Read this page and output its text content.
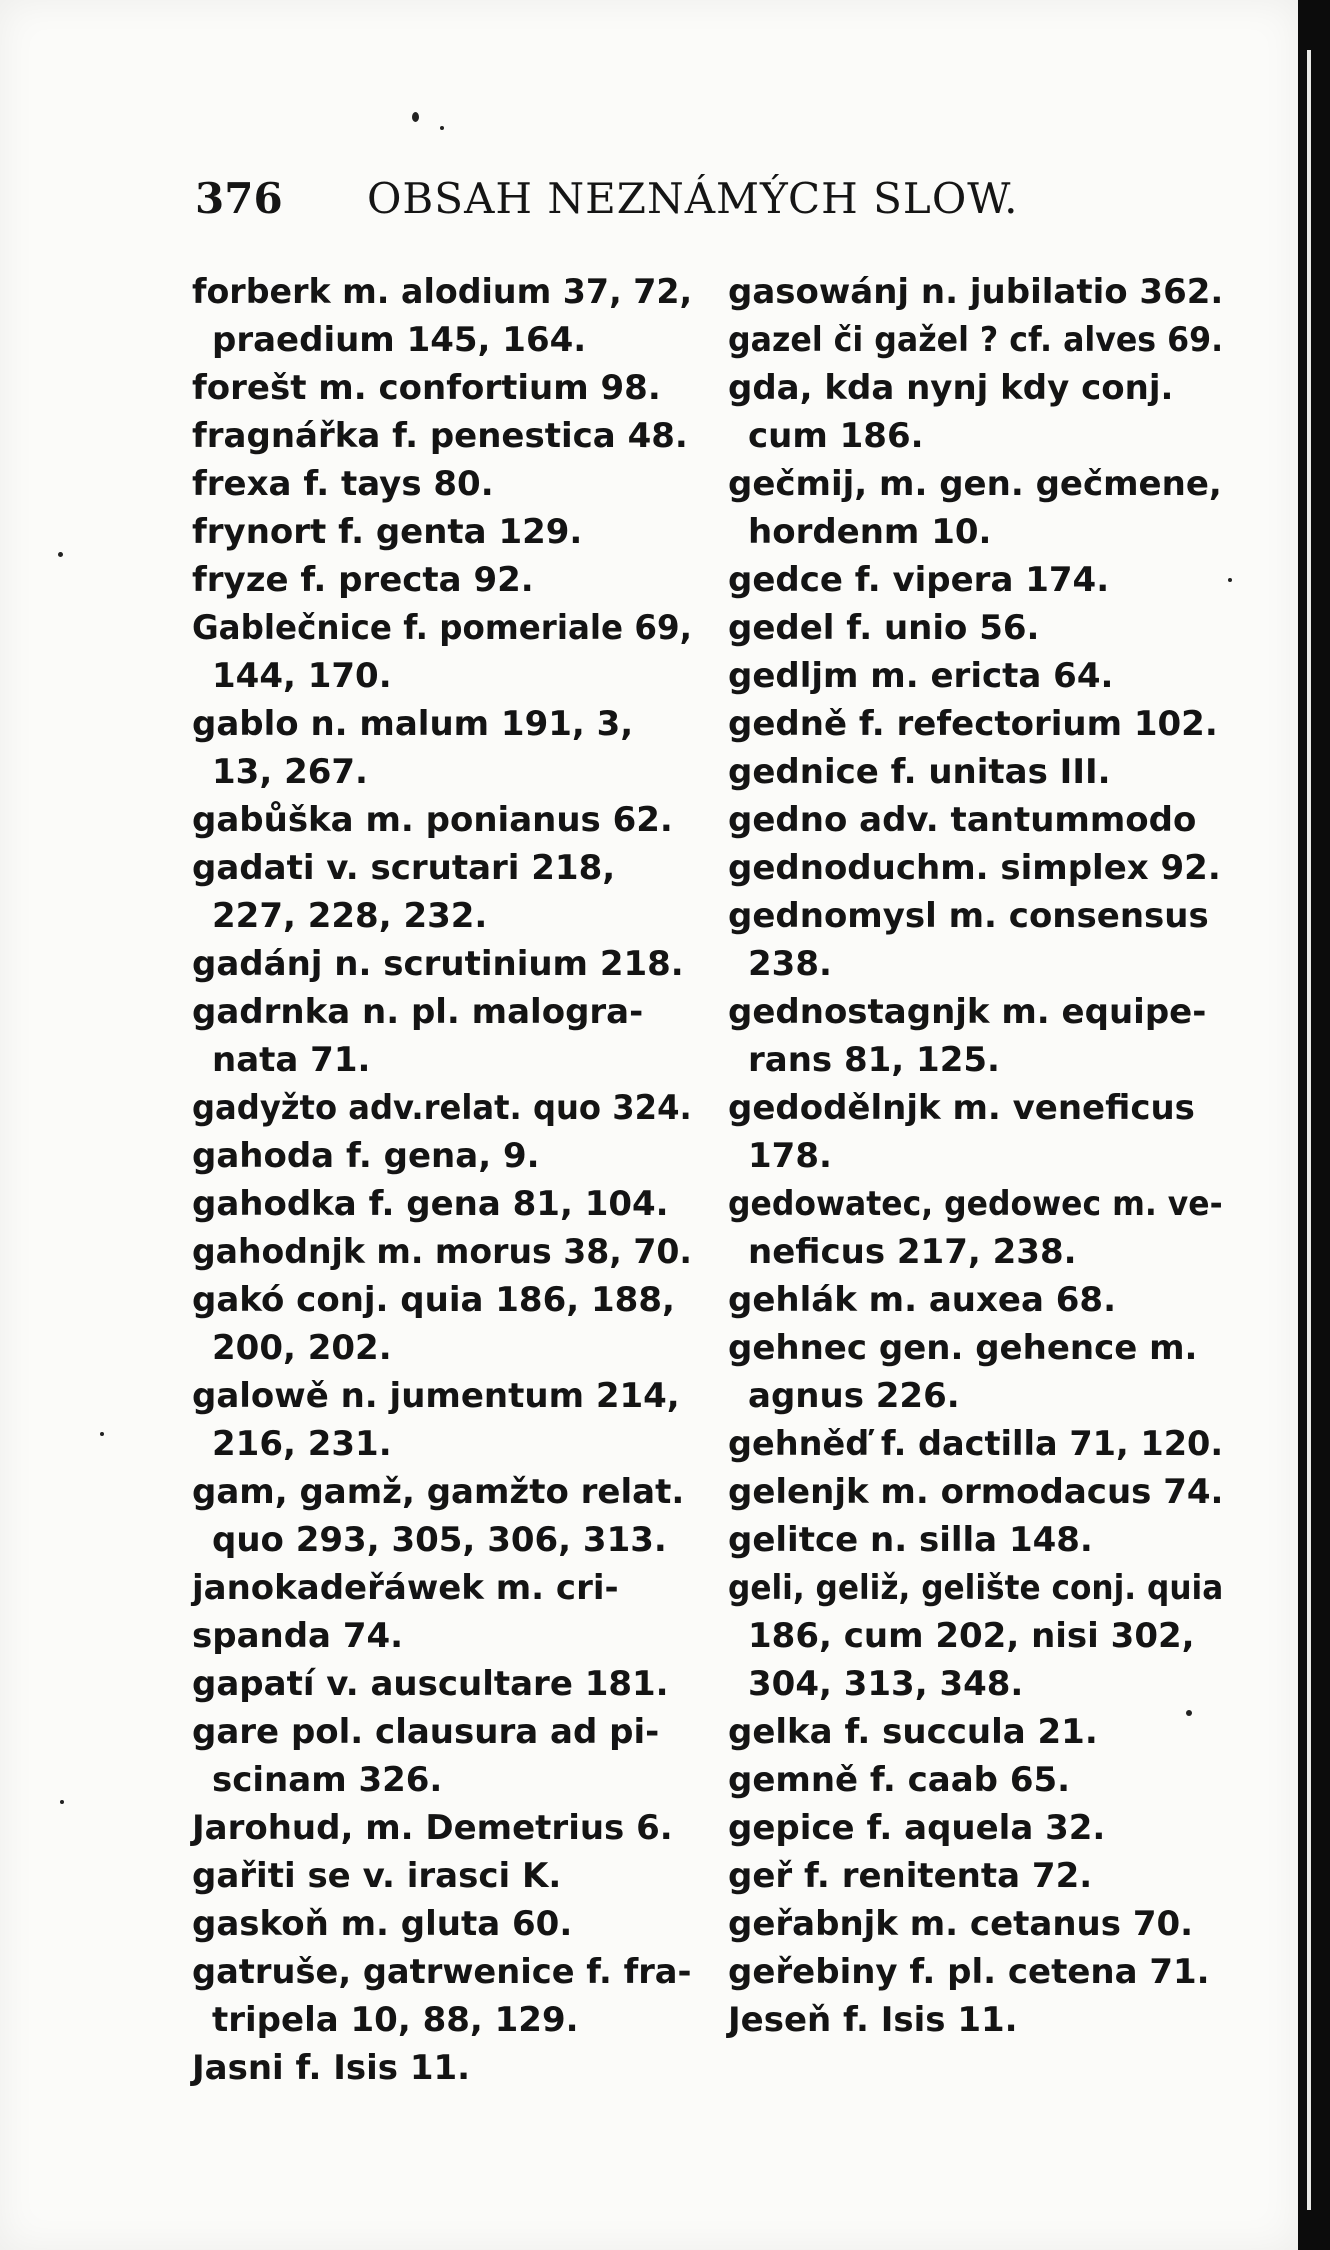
376 OBSAH NEZNÁMÝCH SLOW.
forberk m. alodium 37, 72,
praedium 145, 164.
forešt m. confortium 98.
fragnářka f. penestica 48.
frexa f. tays 80.
frynort f. genta 129.
fryze f. precta 92.
Gablečnice f. pomeriale 69,
144, 170.
gablo n. malum 191, 3,
13, 267.
gabůška m. ponianus 62.
gadati v. scrutari 218,
227, 228, 232.
gadánj n. scrutinium 218.
gadrnka n. pl. malogra-
nata 71.
gadyžto adv.relat. quo 324.
gahoda f. gena, 9.
gahodka f. gena 81, 104.
gahodnjk m. morus 38, 70.
gakó conj. quia 186, 188,
200, 202.
galowě n. jumentum 214,
216, 231.
gam, gamž, gamžto relat.
quo 293, 305, 306, 313.
janokadeřáwek m. cri-
spanda 74.
gapatí v. auscultare 181.
gare pol. clausura ad pi-
scinam 326.
Jarohud, m. Demetrius 6.
gařiti se v. irasci K.
gaskoň m. gluta 60.
gatruše, gatrwenice f. fra-
tripela 10, 88, 129.
Jasni f. Isis 11.
gasowánj n. jubilatio 362.
gazel či gažel ? cf. alves 69.
gda, kda nynj kdy conj.
cum 186.
gečmij, m. gen. gečmene,
hordenm 10.
gedce f. vipera 174.
gedel f. unio 56.
gedljm m. ericta 64.
gedně f. refectorium 102.
gednice f. unitas III.
gedno adv. tantummodo
gednoduchm. simplex 92.
gednomysl m. consensus
238.
gednostagnjk m. equipe-
rans 81, 125.
gedodělnjk m. veneficus
178.
gedowatec, gedowec m. ve-
neficus 217, 238.
gehlák m. auxea 68.
gehnec gen. gehence m.
agnus 226.
gehněď f. dactilla 71, 120.
gelenjk m. ormodacus 74.
gelitce n. silla 148.
geli, geliž, gelište conj. quia
186, cum 202, nisi 302,
304, 313, 348.
gelka f. succula 21.
gemně f. caab 65.
gepice f. aquela 32.
geř f. renitenta 72.
geřabnjk m. cetanus 70.
geřebiny f. pl. cetena 71.
Jeseň f. Isis 11.
